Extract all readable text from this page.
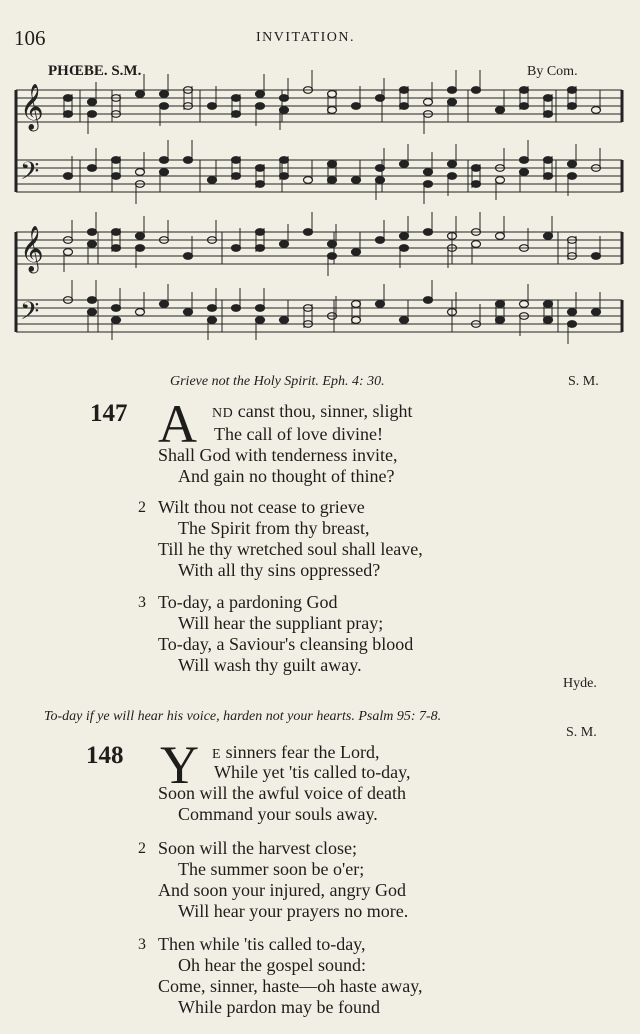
106	INVITATION.
PHŒBE. S.M.	By Com.
𝄞
𝄢
𝄞
𝄢
Grieve not the Holy Spirit. Eph. 4: 30.	S. M.
147 A ND canst thou, sinner, slight
The call of love divine!
Shall God with tenderness invite,
And gain no thought of thine?
2 Wilt thou not cease to grieve
The Spirit from thy breast,
Till he thy wretched soul shall leave,
With all thy sins oppressed?
3 To-day, a pardoning God
Will hear the suppliant pray;
To-day, a Saviour's cleansing blood
Will wash thy guilt away.
Hyde.
To-day if ye will hear his voice, harden not your hearts. Psalm 95: 7-8.
S. M.
148 Y E sinners fear the Lord,
While yet 'tis called to-day,
Soon will the awful voice of death
Command your souls away.
2 Soon will the harvest close;
The summer soon be o'er;
And soon your injured, angry God
Will hear your prayers no more.
3 Then while 'tis called to-day,
Oh hear the gospel sound:
Come, sinner, haste—oh haste away,
While pardon may be found
